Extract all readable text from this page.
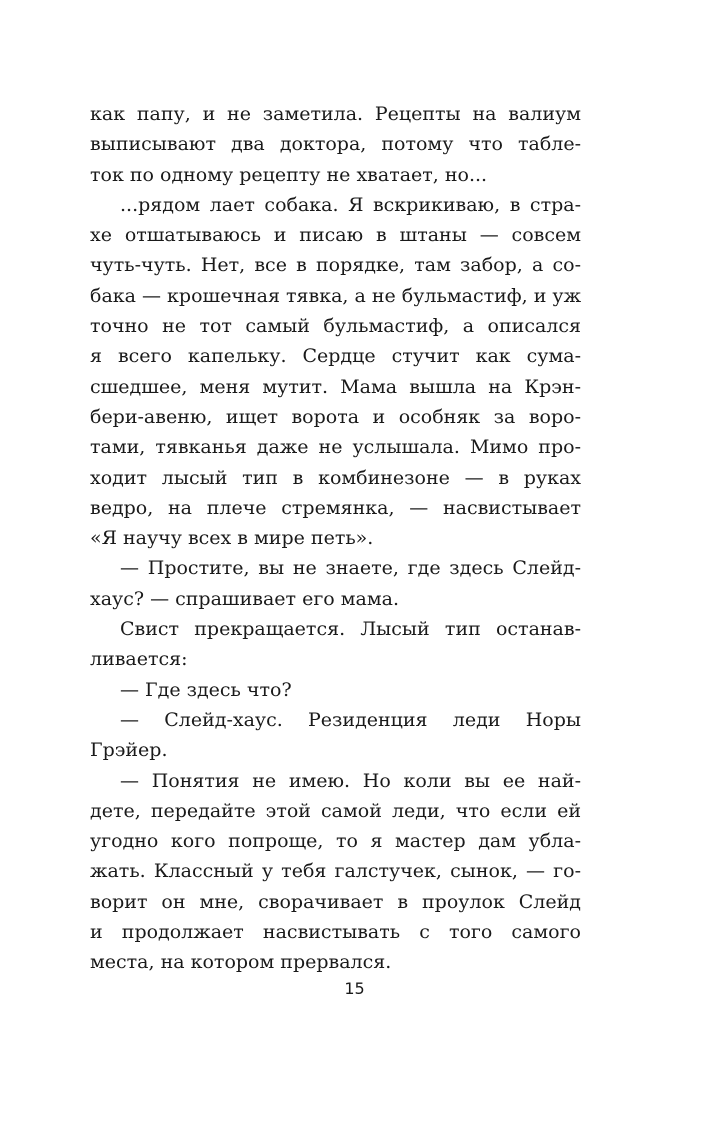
как папу, и не заметила. Рецепты на валиум
выписывают два доктора, потому что табле-
ток по одному рецепту не хватает, но...
...рядом лает собака. Я вскрикиваю, в стра-
хе отшатываюсь и писаю в штаны — совсем
чуть-чуть. Нет, все в порядке, там забор, а со-
бака — крошечная тявка, а не бульмастиф, и уж
точно не тот самый бульмастиф, а описался
я всего капельку. Сердце стучит как сума-
сшедшее, меня мутит. Мама вышла на Крэн-
бери-авеню, ищет ворота и особняк за воро-
тами, тявканья даже не услышала. Мимо про-
ходит лысый тип в комбинезоне — в руках
ведро, на плече стремянка, — насвистывает
«Я научу всех в мире петь».
— Простите, вы не знаете, где здесь Слейд-
хаус? — спрашивает его мама.
Свист прекращается. Лысый тип останав-
ливается:
— Где здесь что?
— Слейд-хаус. Резиденция леди Норы
Грэйер.
— Понятия не имею. Но коли вы ее най-
дете, передайте этой самой леди, что если ей
угодно кого попроще, то я мастер дам ублa-
жать. Классный у тебя галстучек, сынок, — го-
ворит он мне, сворачивает в проулок Слейд
и продолжает насвистывать с того самого
места, на котором прервался.
15
